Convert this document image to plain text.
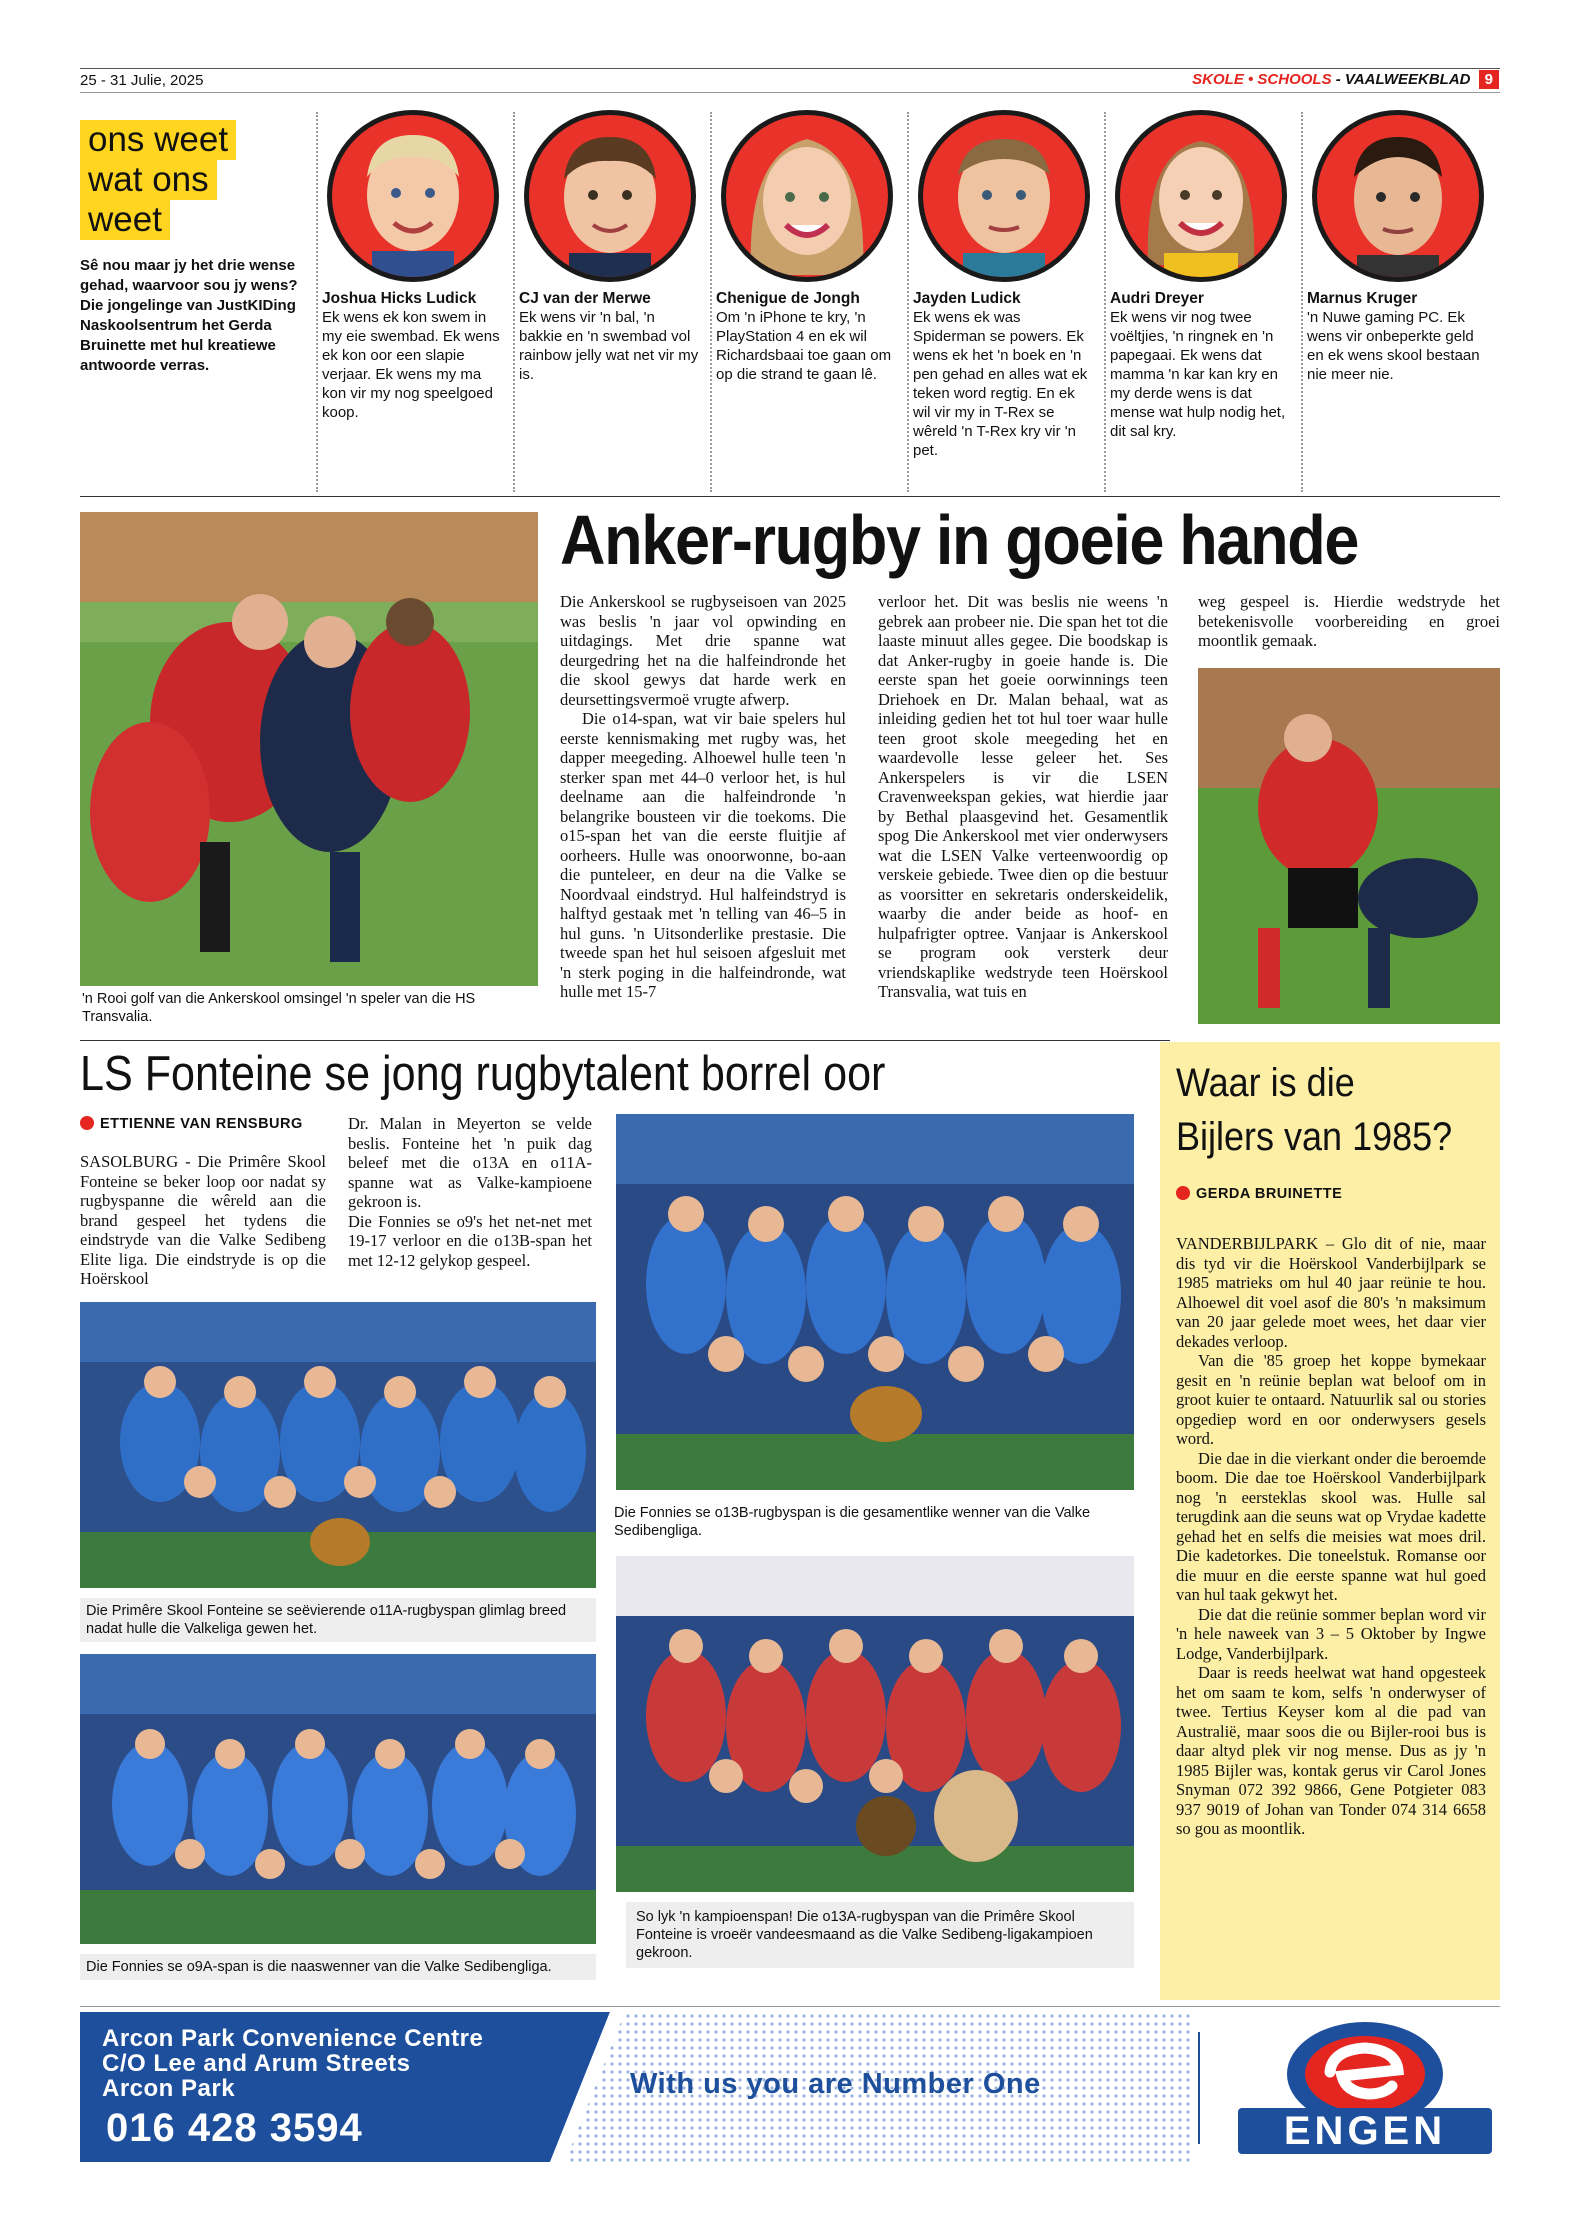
25 - 31 Julie, 2025	SKOLE • SCHOOLS - VAALWEEKBLAD 9
ons weet
wat ons
weet
Sê nou maar jy het drie wense gehad, waarvoor sou jy wens? Die jongelinge van JustKIDing Naskoolsentrum het Gerda Bruinette met hul kreatiewe antwoorde verras.
Joshua Hicks Ludick
Ek wens ek kon swem in my eie swembad. Ek wens ek kon oor een slapie verjaar. Ek wens my ma kon vir my nog speelgoed koop.
CJ van der Merwe
Ek wens vir 'n bal, 'n bakkie en 'n swembad vol rainbow jelly wat net vir my is.
Chenigue de Jongh
Om 'n iPhone te kry, 'n PlayStation 4 en ek wil Richardsbaai toe gaan om op die strand te gaan lê.
Jayden Ludick
Ek wens ek was Spiderman se powers. Ek wens ek het 'n boek en 'n pen gehad en alles wat ek teken word regtig. En ek wil vir my in T-Rex se wêreld 'n T-Rex kry vir 'n pet.
Audri Dreyer
Ek wens vir nog twee voëltjies, 'n ringnek en 'n papegaai. Ek wens dat mamma 'n kar kan kry en my derde wens is dat mense wat hulp nodig het, dit sal kry.
Marnus Kruger
'n Nuwe gaming PC. Ek wens vir onbeperkte geld en ek wens skool bestaan nie meer nie.
'n Rooi golf van die Ankerskool omsingel 'n speler van die HS Transvalia.
Anker-rugby in goeie hande

Die Ankerskool se rugbyseisoen van 2025 was beslis 'n jaar vol opwinding en uitdagings. Met drie spanne wat deurgedring het na die halfeindronde het die skool gewys dat harde werk en deursettingsvermoë vrugte afwerp.

Die o14-span, wat vir baie spelers hul eerste kennismaking met rugby was, het dapper meegeding. Alhoewel hulle teen 'n sterker span met 44–0 verloor het, is hul deelname aan die halfeindronde 'n belangrike bousteen vir die toekoms. Die o15-span het van die eerste fluitjie af oorheers. Hulle was onoorwonne, bo-aan die punteleer, en deur na die Valke se Noordvaal eindstryd. Hul halfeindstryd is halftyd gestaak met 'n telling van 46–5 in hul guns. 'n Uitsonderlike prestasie. Die tweede span het hul seisoen afgesluit met 'n sterk poging in die halfeindronde, wat hulle met 15-7

verloor het. Dit was beslis nie weens 'n gebrek aan probeer nie. Die span het tot die laaste minuut alles gegee. Die boodskap is dat Anker-rugby in goeie hande is. Die eerste span het goeie oorwinnings teen Driehoek en Dr. Malan behaal, wat as inleiding gedien het tot hul toer waar hulle teen groot skole meegeding het en waardevolle lesse geleer het. Ses Ankerspelers is vir die LSEN Cravenweekspan gekies, wat hierdie jaar by Bethal plaasgevind het. Gesamentlik spog Die Ankerskool met vier onderwysers wat die LSEN Valke verteenwoordig op verskeie gebiede. Twee dien op die bestuur as voorsitter en sekretaris onderskeidelik, waarby die ander beide as hoof- en hulpafrigter optree. Vanjaar is Ankerskool se program ook versterk deur vriendskaplike wedstryde teen Hoërskool Transvalia, wat tuis en

weg gespeel is. Hierdie wedstryde het betekenisvolle voorbereiding en groei moontlik gemaak.

LS Fonteine se jong rugbytalent borrel oor
ETTIENNE VAN RENSBURG

SASOLBURG - Die Primêre Skool Fonteine se beker loop oor nadat sy rugbyspanne die wêreld aan die brand gespeel het tydens die eindstryde van die Valke Sedibeng Elite liga. Die eindstryde is op die Hoërskool

Dr. Malan in Meyerton se velde beslis. Fonteine het 'n puik dag beleef met die o13A en o11A-spanne wat as Valke-kampioene gekroon is.

Die Fonnies se o9's het net-net met 19-17 verloor en die o13B-span het met 12-12 gelykop gespeel.

Die Primêre Skool Fonteine se seëvierende o11A-rugbyspan glimlag breed nadat hulle die Valkeliga gewen het.
Die Fonnies se o9A-span is die naaswenner van die Valke Sedibengliga.
Die Fonnies se o13B-rugbyspan is die gesamentlike wenner van die Valke Sedibengliga.
So lyk 'n kampioenspan! Die o13A-rugbyspan van die Primêre Skool Fonteine is vroeër vandeesmaand as die Valke Sedibeng-ligakampioen gekroon.
Waar is die Bijlers van 1985?
GERDA BRUINETTE

VANDERBIJLPARK – Glo dit of nie, maar dis tyd vir die Hoërskool Vanderbijlpark se 1985 matrieks om hul 40 jaar reünie te hou. Alhoewel dit voel asof die 80's 'n maksimum van 20 jaar gelede moet wees, het daar vier dekades verloop.

Van die '85 groep het koppe bymekaar gesit en 'n reünie beplan wat beloof om in groot kuier te ontaard. Natuurlik sal ou stories opgediep word en oor onderwysers gesels word.

Die dae in die vierkant onder die beroemde boom. Die dae toe Hoërskool Vanderbijlpark nog 'n eersteklas skool was. Hulle sal terugdink aan die seuns wat op Vrydae kadette gehad het en selfs die meisies wat moes dril. Die kadetorkes. Die toneelstuk. Romanse oor die muur en die eerste spanne wat hul goed van hul taak gekwyt het.

Die dat die reünie sommer beplan word vir 'n hele naweek van 3 – 5 Oktober by Ingwe Lodge, Vanderbijlpark.

Daar is reeds heelwat wat hand opgesteek het om saam te kom, selfs 'n onderwyser of twee. Tertius Keyser kom al die pad van Australië, maar soos die ou Bijler-rooi bus is daar altyd plek vir nog mense. Dus as jy 'n 1985 Bijler was, kontak gerus vir Carol Jones Snyman 072 392 9866, Gene Potgieter 083 937 9019 of Johan van Tonder 074 314 6658 so gou as moontlik.

Arcon Park Convenience Centre
C/O Lee and Arum Streets
Arcon Park
016 428 3594
With us you are Number One
ENGEN
